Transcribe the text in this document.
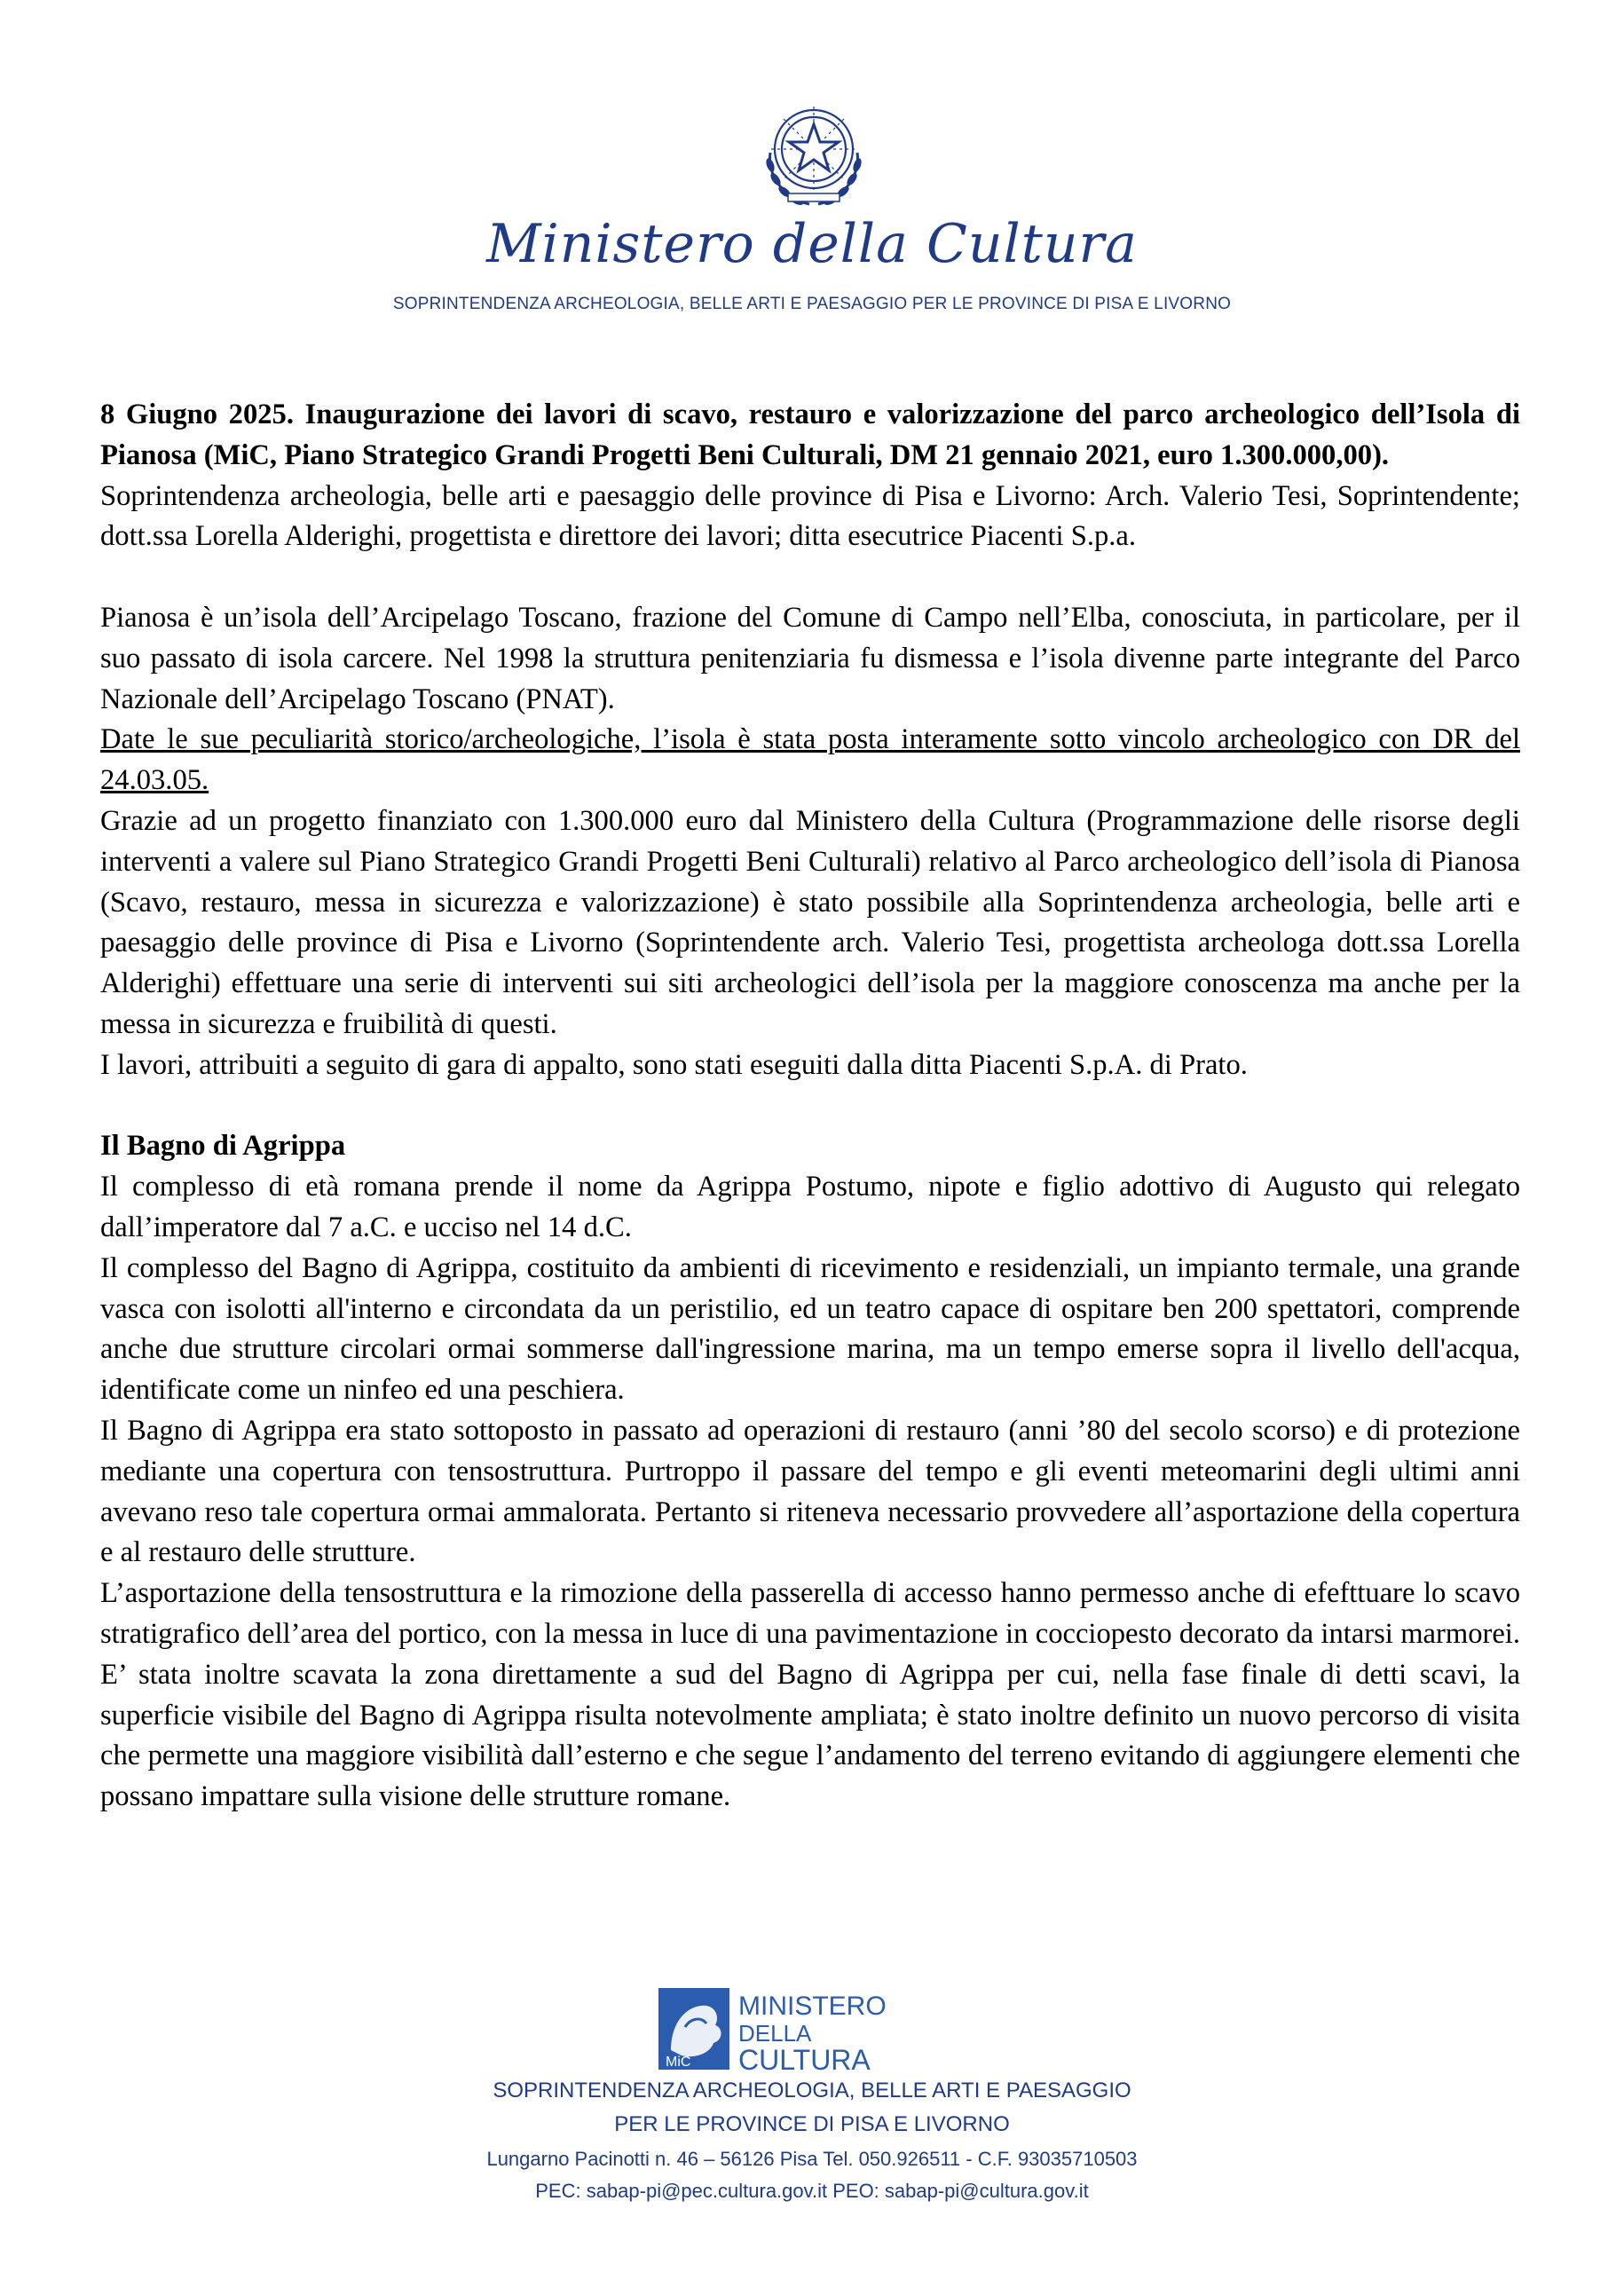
Ministero della Cultura
SOPRINTENDENZA ARCHEOLOGIA, BELLE ARTI E PAESAGGIO PER LE PROVINCE DI PISA E LIVORNO

8 Giugno 2025. Inaugurazione dei lavori di scavo, restauro e valorizzazione del parco archeologico dell’Isola di Pianosa (MiC, Piano Strategico Grandi Progetti Beni Culturali, DM 21 gennaio 2021, euro 1.300.000,00).

Soprintendenza archeologia, belle arti e paesaggio delle province di Pisa e Livorno: Arch. Valerio Tesi, Soprintendente; dott.ssa Lorella Alderighi, progettista e direttore dei lavori; ditta esecutrice Piacenti S.p.a.

Pianosa è un’isola dell’Arcipelago Toscano, frazione del Comune di Campo nell’Elba, conosciuta, in particolare, per il suo passato di isola carcere. Nel 1998 la struttura penitenziaria fu dismessa e l’isola divenne parte integrante del Parco Nazionale dell’Arcipelago Toscano (PNAT).

Date le sue peculiarità storico/archeologiche, l’isola è stata posta interamente sotto vincolo archeologico con DR del 24.03.05.

Grazie ad un progetto finanziato con 1.300.000 euro dal Ministero della Cultura (Programmazione delle risorse degli interventi a valere sul Piano Strategico Grandi Progetti Beni Culturali) relativo al Parco archeologico dell’isola di Pianosa (Scavo, restauro, messa in sicurezza e valorizzazione) è stato possibile alla Soprintendenza archeologia, belle arti e paesaggio delle province di Pisa e Livorno (Soprintendente arch. Valerio Tesi, progettista archeologa dott.ssa Lorella Alderighi) effettuare una serie di interventi sui siti archeologici dell’isola per la maggiore conoscenza ma anche per la messa in sicurezza e fruibilità di questi.

I lavori, attribuiti a seguito di gara di appalto, sono stati eseguiti dalla ditta Piacenti S.p.A. di Prato.

Il Bagno di Agrippa

Il complesso di età romana prende il nome da Agrippa Postumo, nipote e figlio adottivo di Augusto qui relegato dall’imperatore dal 7 a.C. e ucciso nel 14 d.C.

Il complesso del Bagno di Agrippa, costituito da ambienti di ricevimento e residenziali, un impianto termale, una grande vasca con isolotti all'interno e circondata da un peristilio, ed un teatro capace di ospitare ben 200 spettatori, comprende anche due strutture circolari ormai sommerse dall'ingressione marina, ma un tempo emerse sopra il livello dell'acqua, identificate come un ninfeo ed una peschiera.

Il Bagno di Agrippa era stato sottoposto in passato ad operazioni di restauro (anni ’80 del secolo scorso) e di protezione mediante una copertura con tensostruttura. Purtroppo il passare del tempo e gli eventi meteomarini degli ultimi anni avevano reso tale copertura ormai ammalorata. Pertanto si riteneva necessario provvedere all’asportazione della copertura e al restauro delle strutture.

L’asportazione della tensostruttura e la rimozione della passerella di accesso hanno permesso anche di efefttuare lo scavo stratigrafico dell’area del portico, con la messa in luce di una pavimentazione in cocciopesto decorato da intarsi marmorei. E’ stata inoltre scavata la zona direttamente a sud del Bagno di Agrippa per cui, nella fase finale di detti scavi, la superficie visibile del Bagno di Agrippa risulta notevolmente ampliata; è stato inoltre definito un nuovo percorso di visita che permette una maggiore visibilità dall’esterno e che segue l’andamento del terreno evitando di aggiungere elementi che possano impattare sulla visione delle strutture romane.

MiC
MINISTERO
DELLA
CULTURA
SOPRINTENDENZA ARCHEOLOGIA, BELLE ARTI E PAESAGGIO
PER LE PROVINCE DI PISA E LIVORNO
Lungarno Pacinotti n. 46 – 56126 Pisa Tel. 050.926511 - C.F. 93035710503
PEC: sabap-pi@pec.cultura.gov.it PEO: sabap-pi@cultura.gov.it
